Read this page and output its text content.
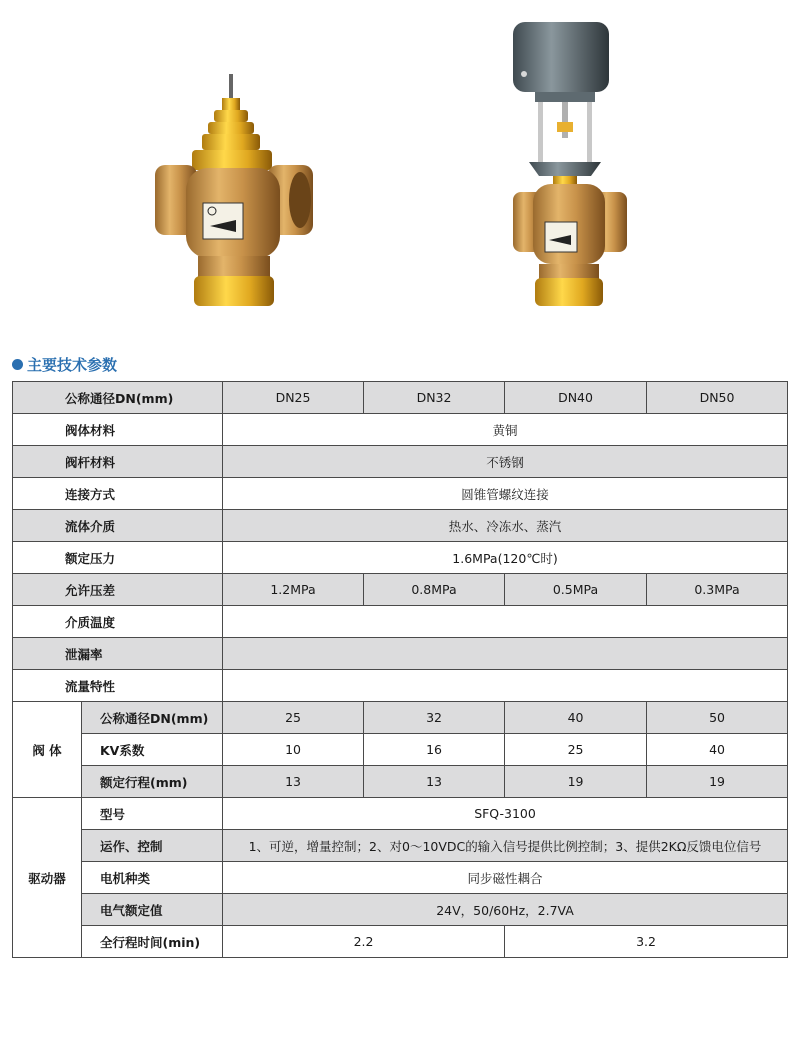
主要技术参数
公称通径DN(mm)		DN25	DN32	DN40	DN50
阀体材料		黄铜			
阀杆材料		不锈钢			
连接方式		圆锥管螺纹连接			
流体介质		热水、冷冻水、蒸汽			
额定压力		1.6MPa(120℃时)			
允许压差		1.2MPa	0.8MPa	0.5MPa	0.3MPa
介质温度					
泄漏率					
流量特性					
阀 体	公称通径DN(mm)	25	32	40	50
	KV系数	10	16	25	40
	额定行程(mm)	13	13	19	19
驱动器	型号	SFQ-3100			
	运作、控制	1、可逆，增量控制；2、对0～10VDC的输入信号提供比例控制；3、提供2KΩ反馈电位信号			
	电机种类	同步磁性耦合			
	电气额定值	24V，50/60Hz，2.7VA			
	全行程时间(min)	2.2		3.2	
